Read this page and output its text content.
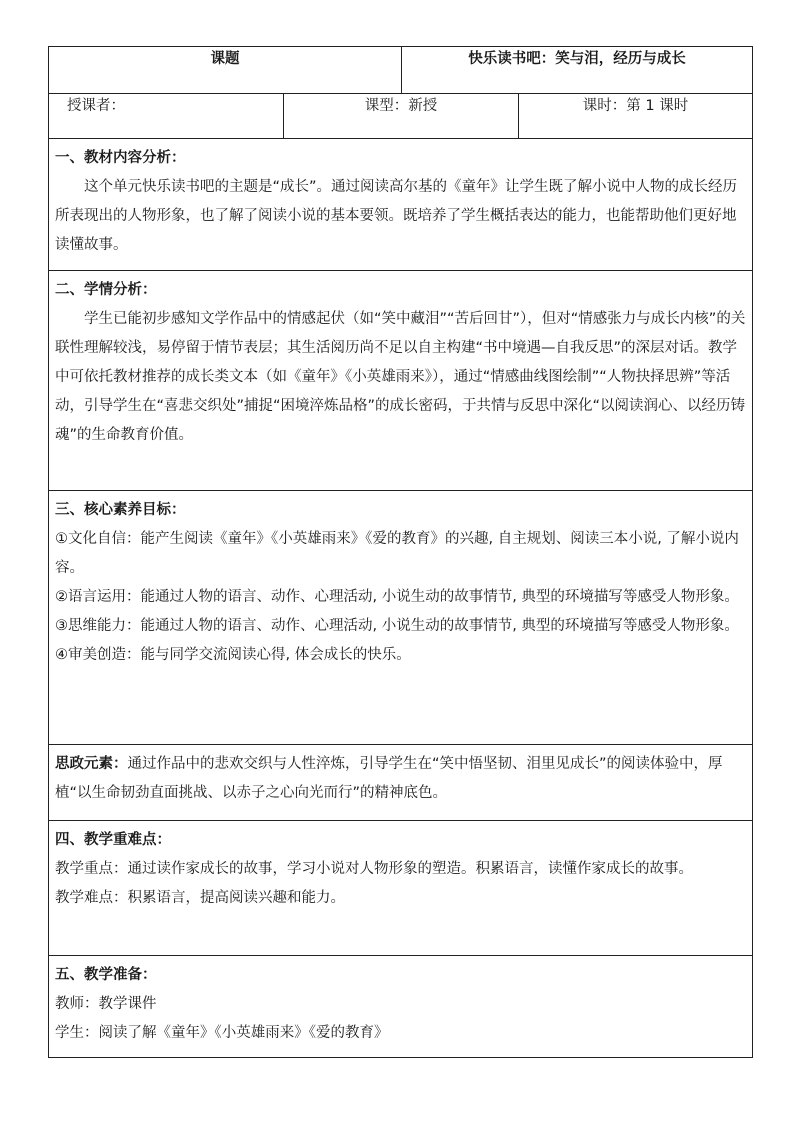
课题		快乐读书吧：笑与泪，经历与成长	
授课者：	课型：新授		课时：第 1 课时

一、教材内容分析：
这个单元快乐读书吧的主题是“成长”。通过阅读高尔基的《童年》让学生既了解小说中人物的成长经历所表现出的人物形象，也了解了阅读小说的基本要领。既培养了学生概括表达的能力，也能帮助他们更好地读懂故事。			

二、学情分析：
学生已能初步感知文学作品中的情感起伏（如“笑中藏泪”“苦后回甘”），但对“情感张力与成长内核”的关联性理解较浅，易停留于情节表层；其生活阅历尚不足以自主构建“书中境遇—自我反思”的深层对话。教学中可依托教材推荐的成长类文本（如《童年》《小英雄雨来》），通过“情感曲线图绘制”“人物抉择思辨”等活动，引导学生在“喜悲交织处”捕捉“困境淬炼品格”的成长密码，于共情与反思中深化“以阅读润心、以经历铸魂”的生命教育价值。			

三、核心素养目标：

①文化自信：能产生阅读《童年》《小英雄雨来》《爱的教育》的兴趣, 自主规划、阅读三本小说, 了解小说内容。

②语言运用：能通过人物的语言、动作、心理活动, 小说生动的故事情节, 典型的环境描写等感受人物形象。

③思维能力：能通过人物的语言、动作、心理活动, 小说生动的故事情节, 典型的环境描写等感受人物形象。

④审美创造：能与同学交流阅读心得, 体会成长的快乐。			

思政元素：通过作品中的悲欢交织与人性淬炼，引导学生在“笑中悟坚韧、泪里见成长”的阅读体验中，厚植“以生命韧劲直面挑战、以赤子之心向光而行”的精神底色。			

四、教学重难点：

教学重点：通过读作家成长的故事，学习小说对人物形象的塑造。积累语言，读懂作家成长的故事。

教学难点：积累语言，提高阅读兴趣和能力。			

五、教学准备：

教师：教学课件

学生：阅读了解《童年》《小英雄雨来》《爱的教育》			
